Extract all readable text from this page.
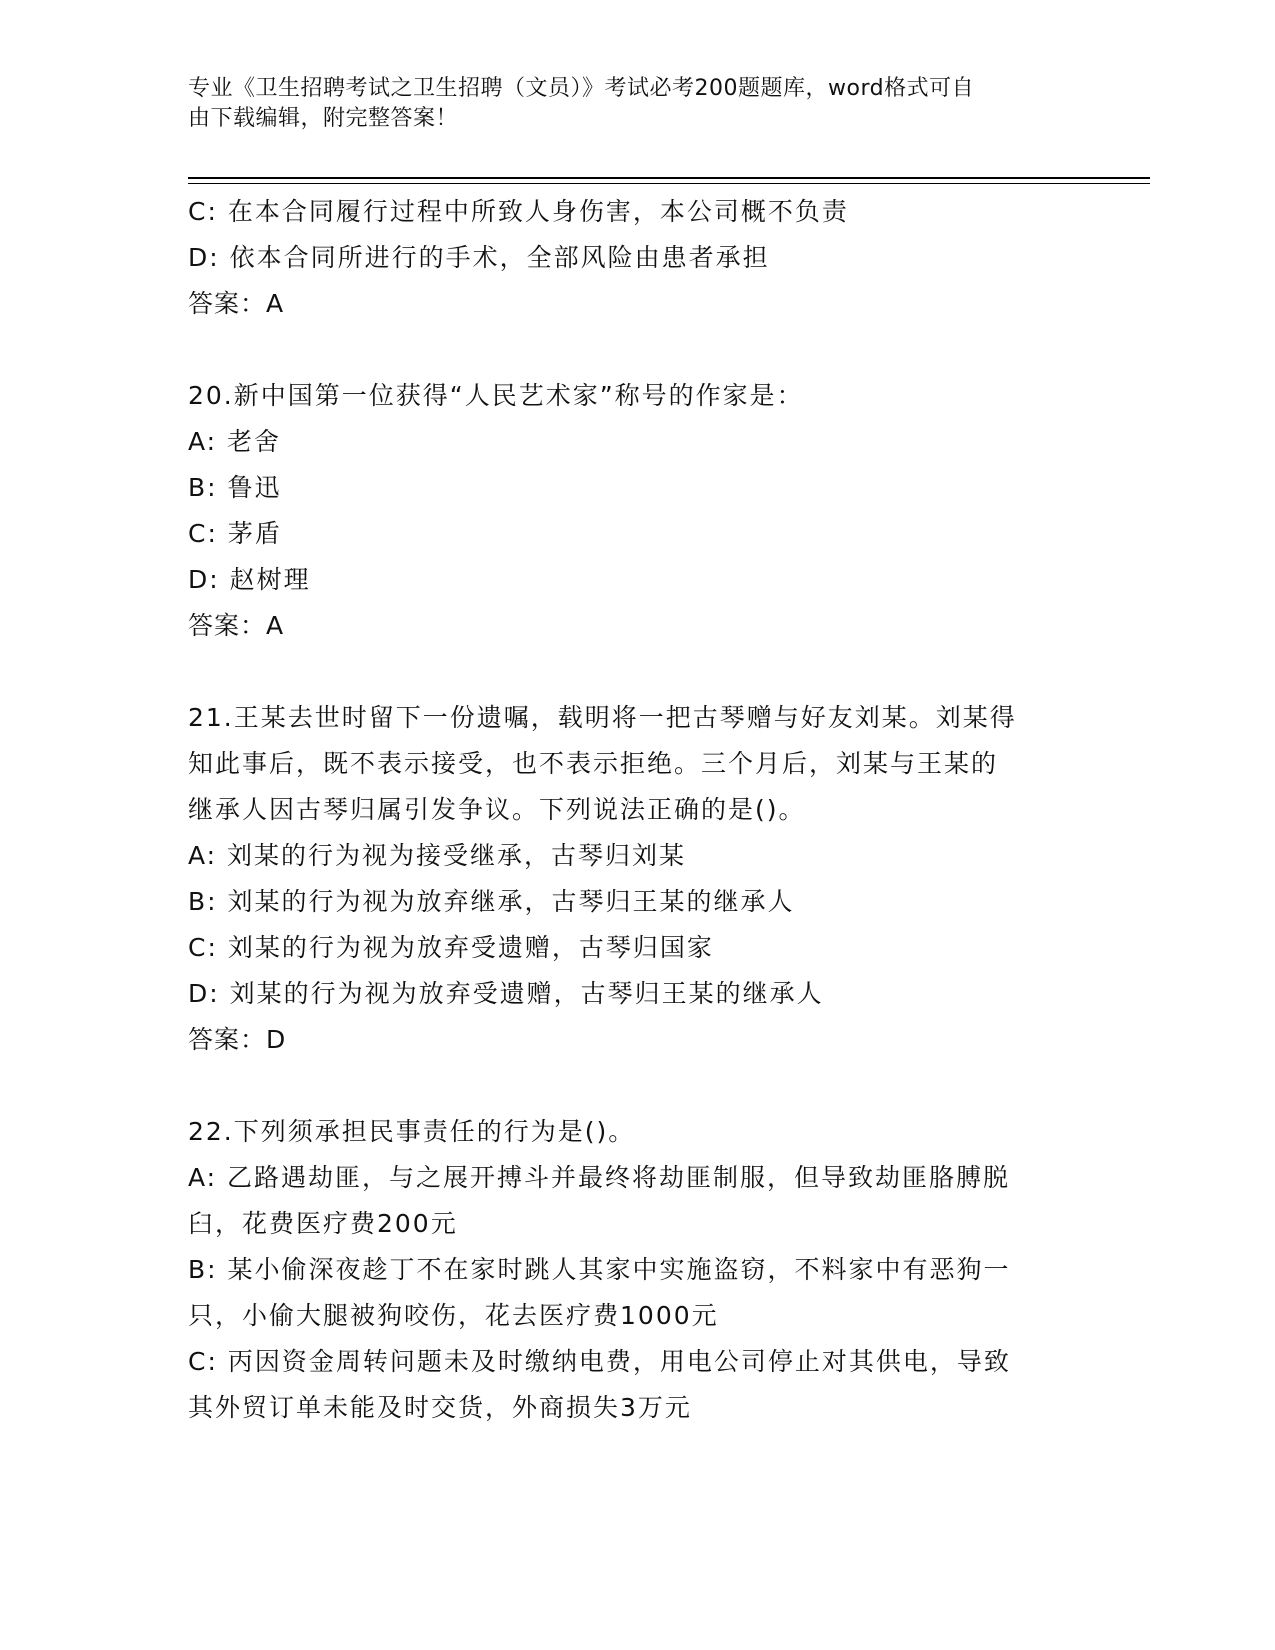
专业《卫生招聘考试之卫生招聘（文员）》考试必考200题题库，word格式可自
由下载编辑，附完整答案！
C: 在本合同履行过程中所致人身伤害，本公司概不负责
D: 依本合同所进行的手术，全部风险由患者承担
答案：A
20.新中国第一位获得“人民艺术家”称号的作家是：
A: 老舍
B: 鲁迅
C: 茅盾
D: 赵树理
答案：A
21.王某去世时留下一份遗嘱，载明将一把古琴赠与好友刘某。刘某得
知此事后，既不表示接受，也不表示拒绝。三个月后，刘某与王某的
继承人因古琴归属引发争议。下列说法正确的是()。
A: 刘某的行为视为接受继承，古琴归刘某
B: 刘某的行为视为放弃继承，古琴归王某的继承人
C: 刘某的行为视为放弃受遗赠，古琴归国家
D: 刘某的行为视为放弃受遗赠，古琴归王某的继承人
答案：D
22.下列须承担民事责任的行为是()。
A: 乙路遇劫匪，与之展开搏斗并最终将劫匪制服，但导致劫匪胳膊脱
臼，花费医疗费200元
B: 某小偷深夜趁丁不在家时跳人其家中实施盗窃，不料家中有恶狗一
只，小偷大腿被狗咬伤，花去医疗费1000元
C: 丙因资金周转问题未及时缴纳电费，用电公司停止对其供电，导致
其外贸订单未能及时交货，外商损失3万元
